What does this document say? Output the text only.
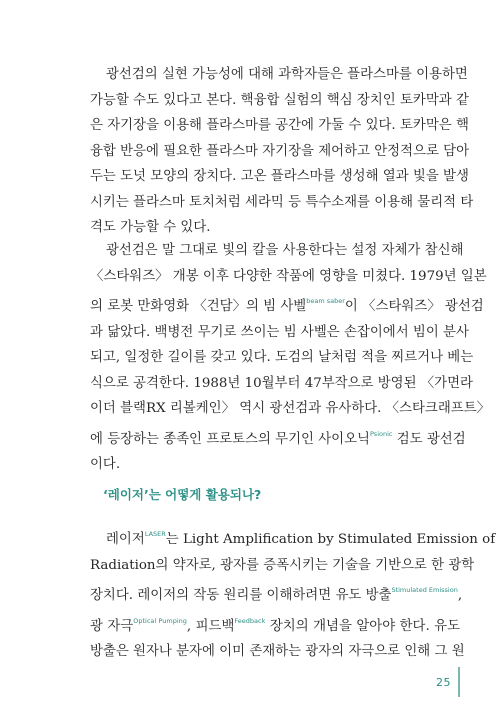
광선검의 실현 가능성에 대해 과학자들은 플라스마를 이용하면
가능할 수도 있다고 본다. 핵융합 실험의 핵심 장치인 토카막과 같
은 자기장을 이용해 플라스마를 공간에 가둘 수 있다. 토카막은 핵
융합 반응에 필요한 플라스마 자기장을 제어하고 안정적으로 담아
두는 도넛 모양의 장치다. 고온 플라스마를 생성해 열과 빛을 발생
시키는 플라스마 토치처럼 세라믹 등 특수소재를 이용해 물리적 타
격도 가능할 수 있다.
광선검은 말 그대로 빛의 칼을 사용한다는 설정 자체가 참신해
〈스타워즈〉 개봉 이후 다양한 작품에 영향을 미쳤다. 1979년 일본
의 로봇 만화영화 〈건담〉의 빔 사벨$^{beam saber}$이 〈스타워즈〉 광선검
과 닮았다. 백병전 무기로 쓰이는 빔 사벨은 손잡이에서 빔이 분사
되고, 일정한 길이를 갖고 있다. 도검의 날처럼 적을 찌르거나 베는
식으로 공격한다. 1988년 10월부터 47부작으로 방영된 〈가면라
이더 블랙RX 리볼케인〉 역시 광선검과 유사하다. 〈스타크래프트〉
에 등장하는 종족인 프로토스의 무기인 사이오닉$^{Psionic}$ 검도 광선검
이다.
‘레이저’는 어떻게 활용되나?
레이저$^{LASER}$는 Light Amplification by Stimulated Emission of
Radiation의 약자로, 광자를 증폭시키는 기술을 기반으로 한 광학
장치다. 레이저의 작동 원리를 이해하려면 유도 방출$^{Stimulated Emission}$,
광 자극$^{Optical Pumping}$, 피드백$^{Feedback}$ 장치의 개념을 알아야 한다. 유도
방출은 원자나 분자에 이미 존재하는 광자의 자극으로 인해 그 원
25
